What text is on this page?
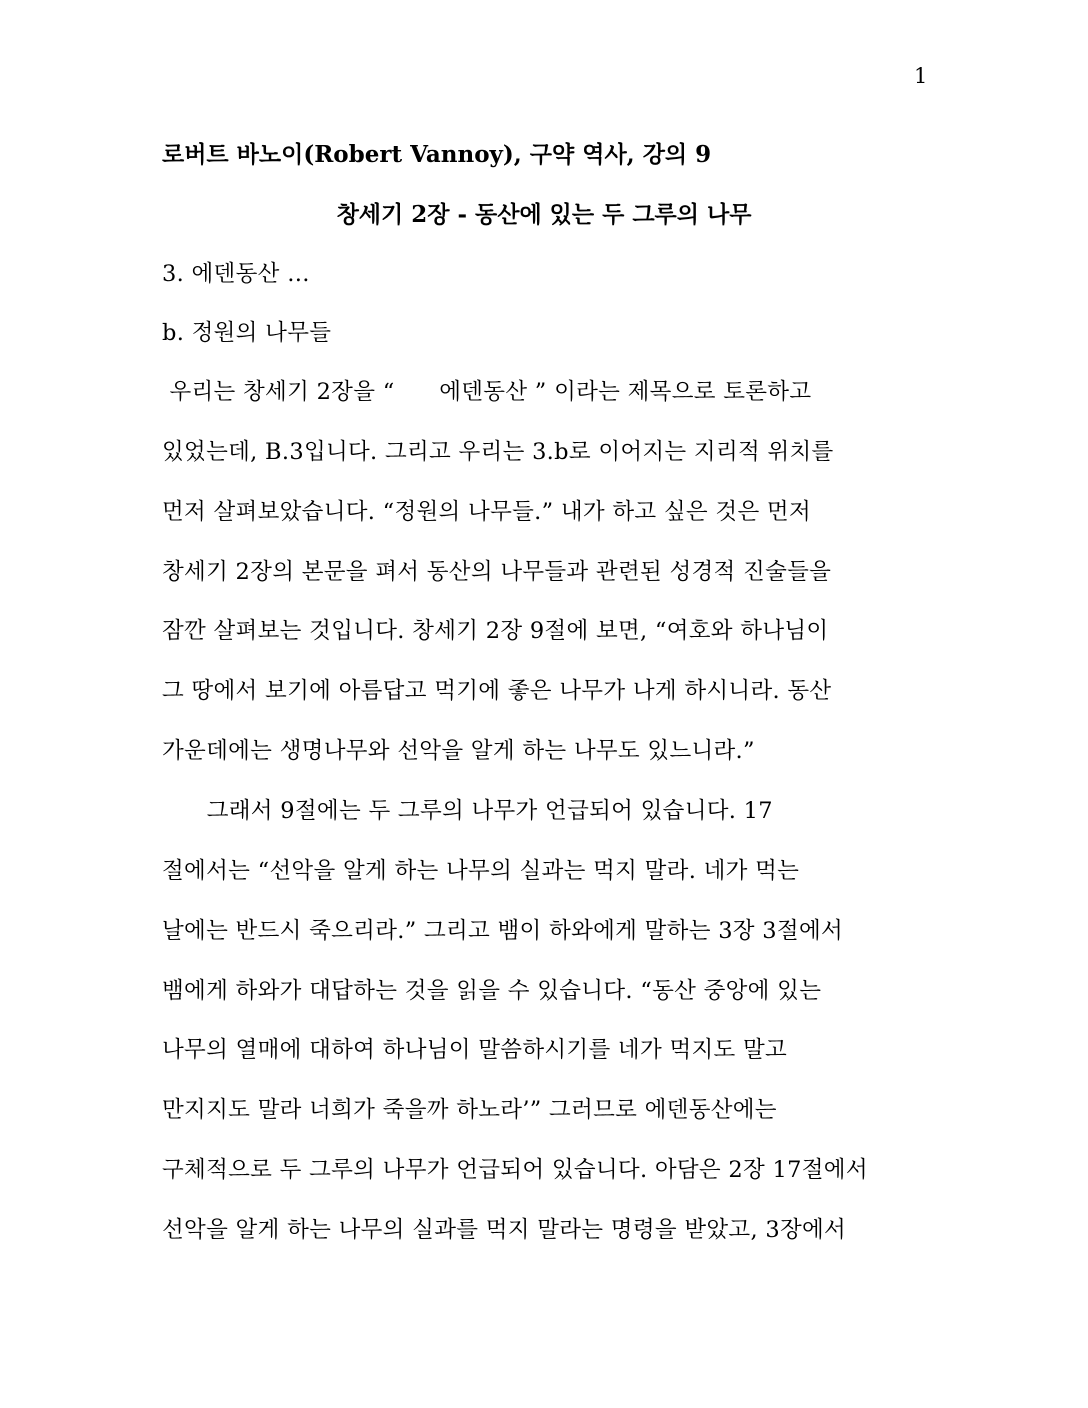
1
로버트 바노이(Robert Vannoy), 구약 역사, 강의 9
창세기 2장 - 동산에 있는 두 그루의 나무
3. 에덴동산 …
b. 정원의 나무들
우리는 창세기 2장을 “      에덴동산 ” 이라는 제목으로 토론하고
있었는데, B.3입니다. 그리고 우리는 3.b로 이어지는 지리적 위치를
먼저 살펴보았습니다. “정원의 나무들.” 내가 하고 싶은 것은 먼저
창세기 2장의 본문을 펴서 동산의 나무들과 관련된 성경적 진술들을
잠깐 살펴보는 것입니다. 창세기 2장 9절에 보면, “여호와 하나님이
그 땅에서 보기에 아름답고 먹기에 좋은 나무가 나게 하시니라. 동산
가운데에는 생명나무와 선악을 알게 하는 나무도 있느니라.”
그래서 9절에는 두 그루의 나무가 언급되어 있습니다. 17
절에서는 “선악을 알게 하는 나무의 실과는 먹지 말라. 네가 먹는
날에는 반드시 죽으리라.” 그리고 뱀이 하와에게 말하는 3장 3절에서
뱀에게 하와가 대답하는 것을 읽을 수 있습니다. “동산 중앙에 있는
나무의 열매에 대하여 하나님이 말씀하시기를 네가 먹지도 말고
만지지도 말라 너희가 죽을까 하노라’” 그러므로 에덴동산에는
구체적으로 두 그루의 나무가 언급되어 있습니다. 아담은 2장 17절에서
선악을 알게 하는 나무의 실과를 먹지 말라는 명령을 받았고, 3장에서
